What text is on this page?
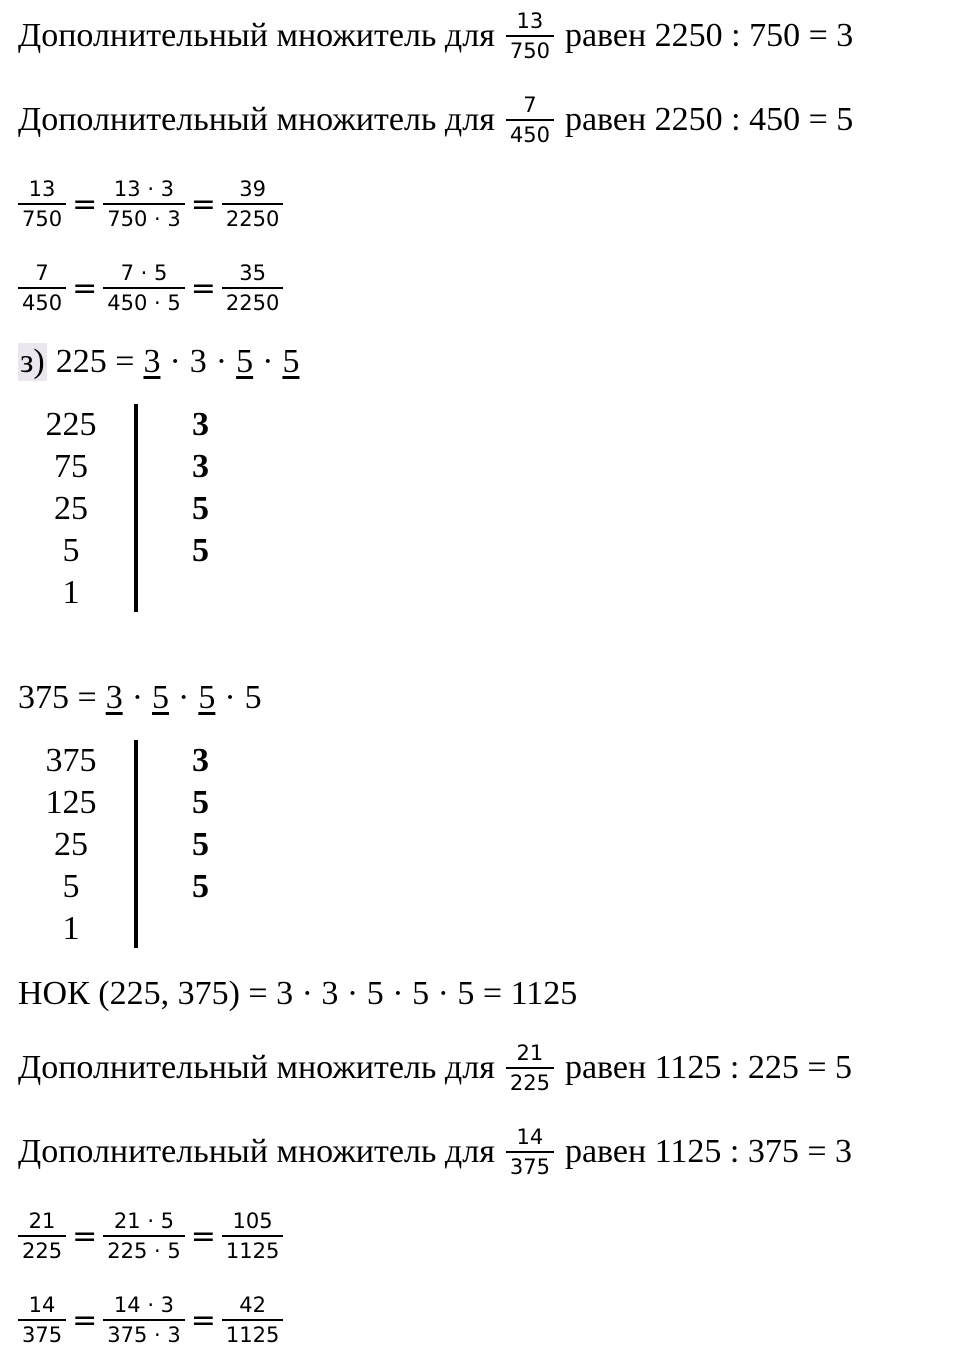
Дополнительный множитель для $\frac{13}{750}$ равен 2250 : 750 = 3
Дополнительный множитель для $\frac{7}{450}$ равен 2250 : 450 = 5
$\frac{13}{750} = \frac{13 \cdot 3}{750 \cdot 3} = \frac{39}{2250}$
$\frac{7}{450} = \frac{7 \cdot 5}{450 \cdot 5} = \frac{35}{2250}$
з) 225 = 3 · 3 · 5 · 5
225	3
75	3
25	5
5	5
1
375 = 3 · 5 · 5 · 5
375	3
125	5
25	5
5	5
1
НОК (225, 375) = 3 · 3 · 5 · 5 · 5 = 1125
Дополнительный множитель для $\frac{21}{225}$ равен 1125 : 225 = 5
Дополнительный множитель для $\frac{14}{375}$ равен 1125 : 375 = 3
$\frac{21}{225} = \frac{21 \cdot 5}{225 \cdot 5} = \frac{105}{1125}$
$\frac{14}{375} = \frac{14 \cdot 3}{375 \cdot 3} = \frac{42}{1125}$
